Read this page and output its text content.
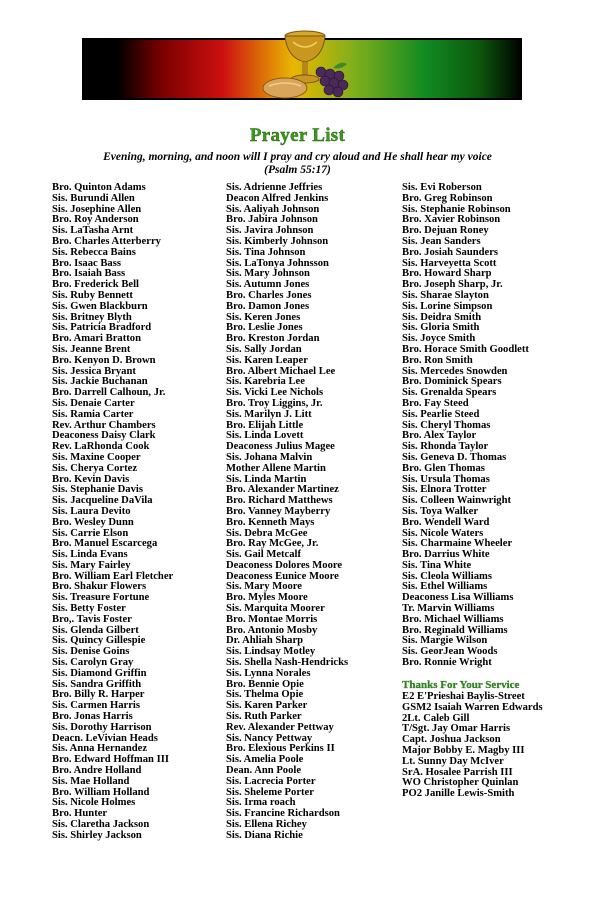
Prayer List
Evening, morning, and noon will I pray and cry aloud and He shall hear my voice
(Psalm 55:17)
Bro. Quinton Adams
Sis. Burundi Allen
Sis. Josephine Allen
Bro. Roy Anderson
Sis. LaTasha Arnt
Bro. Charles Atterberry
Sis. Rebecca Bains
Bro. Isaac Bass
Bro. Isaiah Bass
Bro. Frederick Bell
Sis. Ruby Bennett
Sis. Gwen Blackburn
Sis. Britney Blyth
Sis. Patricia Bradford
Bro. Amari Bratton
Sis. Jeanne Brent
Bro. Kenyon D. Brown
Sis. Jessica Bryant
Sis. Jackie Buchanan
Bro. Darrell Calhoun, Jr.
Sis. Denaie Carter
Sis. Ramia Carter
Rev. Arthur Chambers
Deaconess Daisy Clark
Rev. LaRhonda Cook
Sis. Maxine Cooper
Sis. Cherya Cortez
Bro. Kevin Davis
Sis. Stephanie Davis
Sis. Jacqueline DaVila
Sis. Laura Devito
Bro. Wesley Dunn
Sis. Carrie Elson
Bro. Manuel Escarcega
Sis. Linda Evans
Sis. Mary Fairley
Bro. William Earl Fletcher
Bro. Shakur Flowers
Sis. Treasure Fortune
Sis. Betty Foster
Bro,. Tavis Foster
Sis. Glenda Gilbert
Sis. Quincy Gillespie
Sis. Denise Goins
Sis. Carolyn Gray
Sis. Diamond Griffin
Sis. Sandra Griffith
Bro. Billy R. Harper
Sis. Carmen Harris
Bro. Jonas Harris
Sis. Dorothy Harrison
Deacn. LeVivian Heads
Sis. Anna Hernandez
Bro. Edward Hoffman III
Bro. Andre Holland
Sis. Mae Holland
Bro. William Holland
Sis. Nicole Holmes
Bro. Hunter
Sis. Claretha Jackson
Sis. Shirley Jackson
Sis. Adrienne Jeffries
Deacon Alfred Jenkins
Sis. Aaliyah Johnson
Bro. Jabira Johnson
Sis. Javira Johnson
Sis. Kimberly Johnson
Sis. Tina Johnson
Sis. LaTonya Johnsson
Sis. Mary Johnson
Sis. Autumn Jones
Bro. Charles Jones
Bro. Damon Jones
Sis. Keren Jones
Bro. Leslie Jones
Bro. Kreston Jordan
Sis. Sally Jordan
Sis. Karen Leaper
Bro. Albert Michael Lee
Sis. Karebria Lee
Sis. Vicki Lee Nichols
Bro. Troy Liggins, Jr.
Sis. Marilyn J. Litt
Bro. Elijah Little
Sis. Linda Lovett
Deaconess Julius Magee
Sis. Johana Malvin
Mother Allene Martin
Sis. Linda Martin
Bro. Alexander Martinez
Bro. Richard Matthews
Bro. Vanney Mayberry
Bro. Kenneth Mays
Sis. Debra McGee
Bro. Ray McGee, Jr.
Sis. Gail Metcalf
Deaconess Dolores Moore
Deaconess Eunice Moore
Sis. Mary Moore
Bro. Myles Moore
Sis. Marquita Moorer
Bro. Montae Morris
Bro. Antonio Mosby
Dr. Ahliah Sharp
Sis. Lindsay Motley
Sis. Shella Nash-Hendricks
Sis. Lynna Norales
Bro. Bennie Opie
Sis. Thelma Opie
Sis. Karen Parker
Sis. Ruth Parker
Rev. Alexander Pettway
Sis. Nancy Pettway
Bro. Elexious Perkins II
Sis. Amelia Poole
Dean. Ann Poole
Sis. Lacrecia Porter
Sis. Sheleme Porter
Sis. Irma roach
Sis. Francine Richardson
Sis. Ellena Richey
Sis. Diana Richie
Sis. Evi Roberson
Bro. Greg Robinson
Sis. Stephanie Robinson
Bro. Xavier Robinson
Bro. Dejuan Roney
Sis. Jean Sanders
Bro. Josiah Saunders
Sis. Harveyetta Scott
Bro. Howard Sharp
Bro. Joseph Sharp, Jr.
Sis. Sharae Slayton
Sis. Lorine Simpson
Sis. Deidra Smith
Sis. Gloria Smith
Sis. Joyce Smith
Bro. Horace Smith Goodlett
Bro. Ron Smith
Sis. Mercedes Snowden
Bro. Dominick Spears
Sis. Grenalda Spears
Bro. Fay Steed
Sis. Pearlie Steed
Sis. Cheryl Thomas
Bro. Alex Taylor
Sis. Rhonda Taylor
Sis. Geneva D. Thomas
Bro. Glen Thomas
Sis. Ursula Thomas
Sis. Elnora Trotter
Sis. Colleen Wainwright
Sis. Toya Walker
Bro. Wendell Ward
Sis. Nicole Waters
Sis. Charmaine Wheeler
Bro. Darrius White
Sis. Tina White
Sis. Cleola Williams
Sis. Ethel Williams
Deaconess Lisa Williams
Tr. Marvin Williams
Bro. Michael Williams
Bro. Reginald Williams
Sis. Margie Wilson
Sis. GeorJean Woods
Bro. Ronnie Wright
Thanks For Your Service
E2 E'Prieshai Baylis-Street
GSM2 Isaiah Warren Edwards
2Lt. Caleb Gill
T/Sgt. Jay Omar Harris
Capt. Joshua Jackson
Major Bobby E. Magby III
Lt. Sunny Day McIver
SrA. Hosalee Parrish III
WO Christopher Quinlan
PO2 Janille Lewis-Smith
